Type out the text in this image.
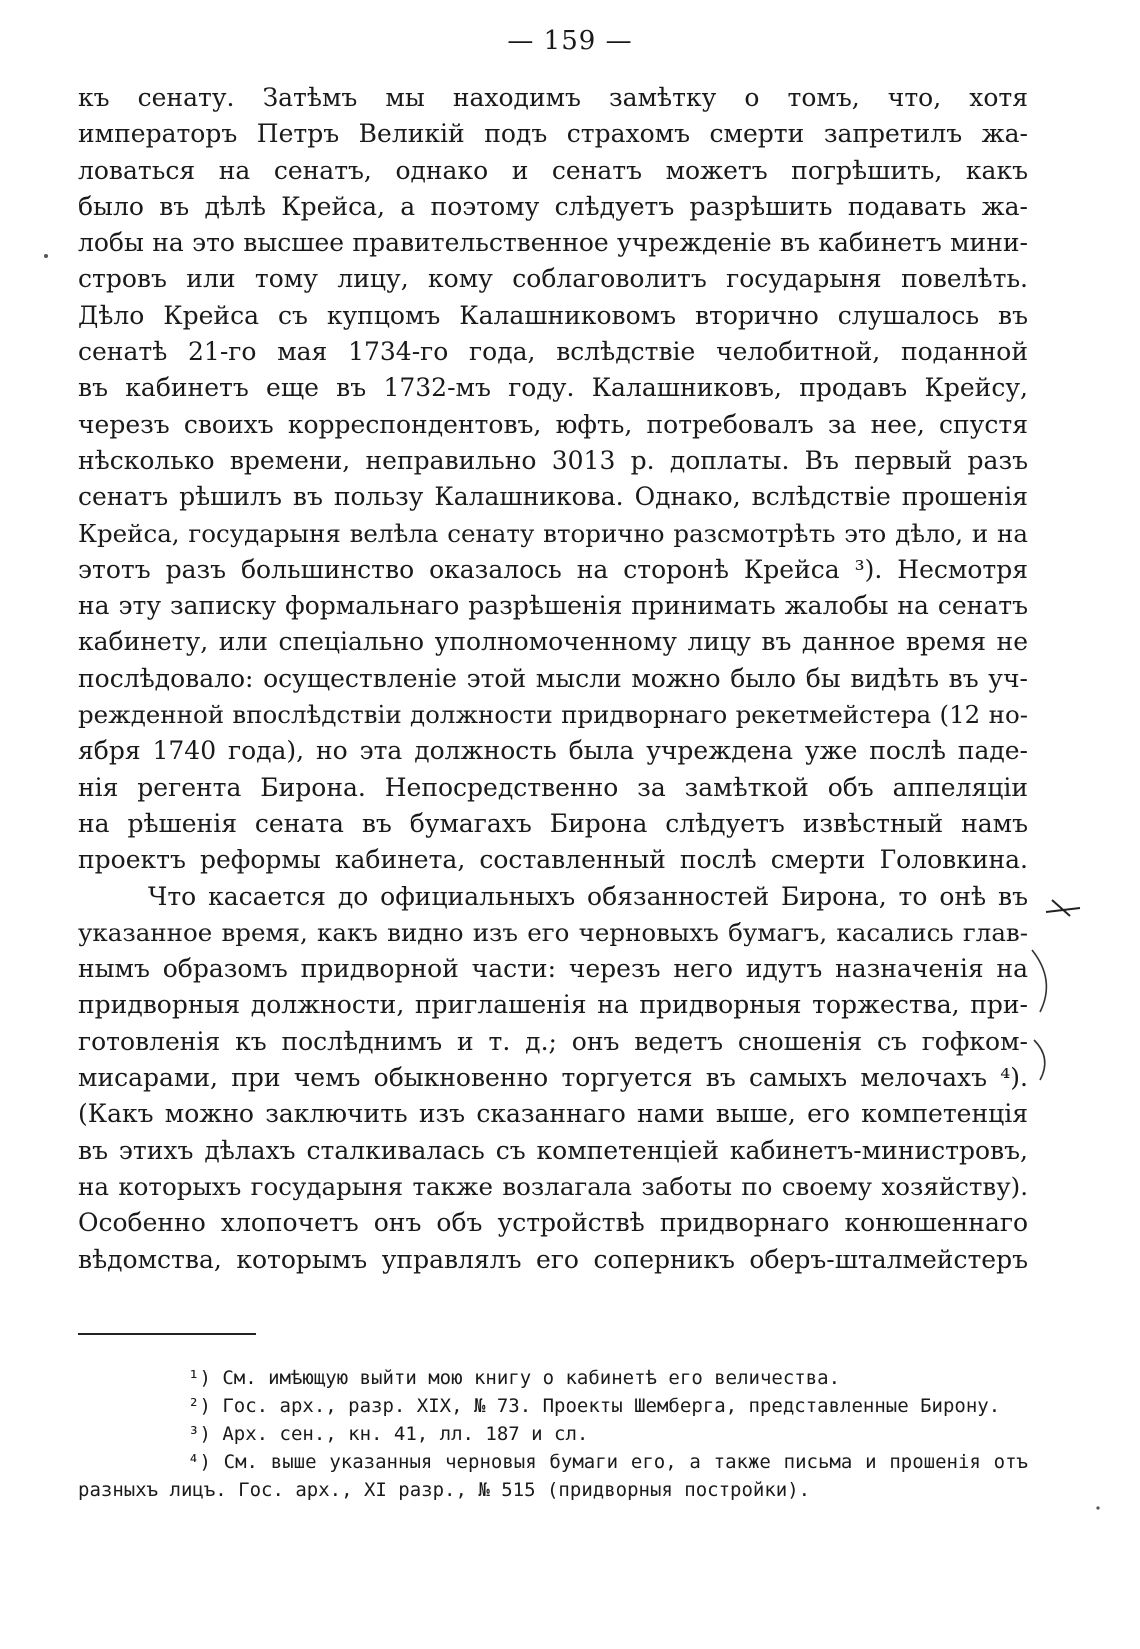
— 159 —
къ сенату. Затѣмъ мы находимъ замѣтку о томъ, что, хотя
императоръ Петръ Великій подъ страхомъ смерти запретилъ жа-
ловаться на сенатъ, однако и сенатъ можетъ погрѣшить, какъ
было въ дѣлѣ Крейса, а поэтому слѣдуетъ разрѣшить подавать жа-
лобы на это высшее правительственное учрежденіе въ кабинетъ мини-
стровъ или тому лицу, кому соблаговолитъ государыня повелѣть.
Дѣло Крейса съ купцомъ Калашниковомъ вторично слушалось въ
сенатѣ 21-го мая 1734-го года, вслѣдствіе челобитной, поданной
въ кабинетъ еще въ 1732-мъ году. Калашниковъ, продавъ Крейсу,
черезъ своихъ корреспондентовъ, юфть, потребовалъ за нее, спустя
нѣсколько времени, неправильно 3013 р. доплаты. Въ первый разъ
сенатъ рѣшилъ въ пользу Калашникова. Однако, вслѣдствіе прошенія
Крейса, государыня велѣла сенату вторично разсмотрѣть это дѣло, и на
этотъ разъ большинство оказалось на сторонѣ Крейса ³). Несмотря
на эту записку формальнаго разрѣшенія принимать жалобы на сенатъ
кабинету, или спеціально уполномоченному лицу въ данное время не
послѣдовало: осуществленіе этой мысли можно было бы видѣть въ уч-
режденной впослѣдствіи должности придворнаго рекетмейстера (12 но-
ября 1740 года), но эта должность была учреждена уже послѣ паде-
нія регента Бирона. Непосредственно за замѣткой объ аппеляціи
на рѣшенія сената въ бумагахъ Бирона слѣдуетъ извѣстный намъ
проектъ реформы кабинета, составленный послѣ смерти Головкина.
Что касается до официальныхъ обязанностей Бирона, то онѣ въ
указанное время, какъ видно изъ его черновыхъ бумагъ, касались глав-
нымъ образомъ придворной части: черезъ него идутъ назначенія на
придворныя должности, приглашенія на придворныя торжества, при-
готовленія къ послѣднимъ и т. д.; онъ ведетъ сношенія съ гофком-
мисарами, при чемъ обыкновенно торгуется въ самыхъ мелочахъ ⁴).
(Какъ можно заключить изъ сказаннаго нами выше, его компетенція
въ этихъ дѣлахъ сталкивалась съ компетенціей кабинетъ-министровъ,
на которыхъ государыня также возлагала заботы по своему хозяйству).
Особенно хлопочетъ онъ объ устройствѣ придворнаго конюшеннаго
вѣдомства, которымъ управлялъ его соперникъ оберъ-шталмейстеръ
¹) См. имѣющую выйти мою книгу о кабинетѣ его величества.
²) Гос. арх., разр. XIX, № 73. Проекты Шемберга, представленные Бирону.
³) Арх. сен., кн. 41, лл. 187 и сл.
⁴) См. выше указанныя черновыя бумаги его, а также письма и прошенія отъ
разныхъ лицъ. Гос. арх., XI разр., № 515 (придворныя постройки).
